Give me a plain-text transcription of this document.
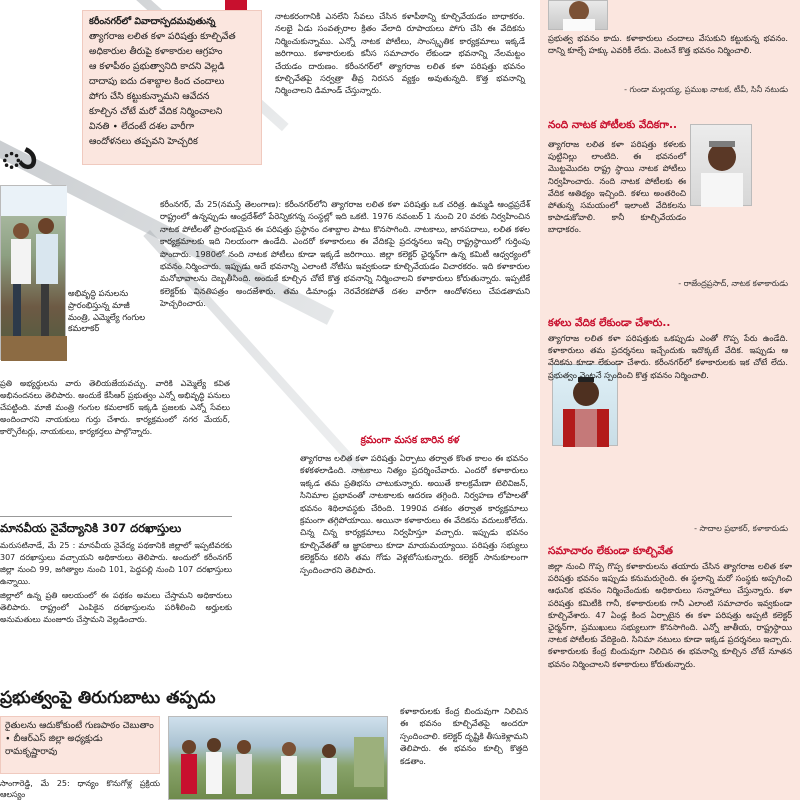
ు

అభివృద్ధి పనులను ప్రారంభిస్తున్న మాజీ మంత్రి, ఎమ్మెల్యే గంగుల కమలాకర్

ప్రతి అభ్యర్థులను వారు తెలియజేయవచ్చు. వారికి ఎమ్మెల్యే కవిత అభినందనలు తెలిపారు. అందుకే కేసీఆర్ ప్రభుత్వం ఎన్నో అభివృద్ధి పనులు చేపట్టింది. మాజీ మంత్రి గంగుల కమలాకర్ ఇక్కడి ప్రజలకు ఎన్నో సేవలు అందించారని నాయకులు గుర్తు చేశారు. కార్యక్రమంలో నగర మేయర్, కార్పొరేటర్లు, నాయకులు, కార్యకర్తలు పాల్గొన్నారు.

మానవీయ నైవేద్యానికి 307 దరఖాస్తులు

మరుసటినాడే, మే 25 : మానవీయ నైవేద్య పథకానికి జిల్లాలో ఇప్పటివరకు 307 దరఖాస్తులు వచ్చాయని అధికారులు తెలిపారు. అందులో కరీంనగర్ జిల్లా నుంచి 99, జగిత్యాల నుంచి 101, పెద్దపల్లి నుంచి 107 దరఖాస్తులు ఉన్నాయి.

జిల్లాలో ఉన్న ప్రతి ఆలయంలో ఈ పథకం అమలు చేస్తామని అధికారులు తెలిపారు. రాష్ట్రంలో ఎంపికైన దరఖాస్తులను పరిశీలించి అర్హులకు అనుమతులు మంజూరు చేస్తామని వెల్లడించారు.

ప్రభుత్వంపై తిరుగుబాటు తప్పదు

రైతులను ఆదుకోకుంటే గుణపాఠం చెబుతాం ∙ బీఆర్ఎస్ జిల్లా అధ్యక్షుడు రామకృష్ణారావు

సాంగారెడ్డి, మే 25: ధాన్యం కొనుగోళ్ల ప్రక్రియ ఆలస్యం

కరీంనగర్‌లో వివాదాస్పదమవుతున్న
త్యాగరాజ లలిత కళా పరిషత్తు కూల్చివేత
అధికారుల తీరుపై కళాకారుల ఆగ్రహం
ఆ కళాపీఠం ప్రభుత్వానిది కాదని వెల్లడి
దాదాపు ఐదు దశాబ్దాల కింద చందాలు
పోగు చేసి కట్టుకున్నామని ఆవేదన
కూల్చిన చోటే మరో వేదిక నిర్మించాలని
వినతి ∙ లేదంటే దశల వారీగా
ఆందోళనలు తప్పవని హెచ్చరిక

నాటకరంగానికి ఎనలేని సేవలు చేసిన కళాపీఠాన్ని కూల్చివేయడం బాధాకరం. నలభై ఏడు సంవత్సరాల క్రితం వేలాది రూపాయలు పోగు చేసి ఈ వేదికను నిర్మించుకున్నాము. ఎన్నో నాటక పోటీలు, సాంస్కృతిక కార్యక్రమాలు ఇక్కడే జరిగాయి. కళాకారులకు కనీస సమాచారం లేకుండా భవనాన్ని నేలమట్టం చేయడం దారుణం. కరీంనగర్‌లో త్యాగరాజ లలిత కళా పరిషత్తు భవనం కూల్చివేతపై సర్వత్రా తీవ్ర నిరసన వ్యక్తం అవుతున్నది. కొత్త భవనాన్ని నిర్మించాలని డిమాండ్ చేస్తున్నారు.

కరీంనగర్, మే 25(నమస్తే తెలంగాణ): కరీంనగర్‌లోని త్యాగరాజ లలిత కళా పరిషత్తు ఒక చరిత్ర. ఉమ్మడి ఆంధ్రప్రదేశ్ రాష్ట్రంలో ఉన్నప్పుడు ఆంధ్రదేశ్‌లో పేరెన్నికగన్న సంస్థల్లో ఇది ఒకటి. 1976 నవంబర్ 1 నుంచి 20 వరకు నిర్వహించిన నాటక పోటీలతో ప్రారంభమైన ఈ పరిషత్తు ప్రస్థానం దశాబ్దాల పాటు కొనసాగింది. నాటకాలు, జానపదాలు, లలిత కళల కార్యక్రమాలకు ఇది నిలయంగా ఉండేది. ఎందరో కళాకారులు ఈ వేదికపై ప్రదర్శనలు ఇచ్చి రాష్ట్రస్థాయిలో గుర్తింపు పొందారు. 1980లో నంది నాటక పోటీలు కూడా ఇక్కడే జరిగాయి. జిల్లా కలెక్టర్ ఛైర్మన్‌గా ఉన్న కమిటీ ఆధ్వర్యంలో భవనం నిర్మించారు. ఇప్పుడు అదే భవనాన్ని ఎలాంటి నోటీసు ఇవ్వకుండా కూల్చివేయడం విచారకరం. ఇది కళాకారుల మనోభావాలను దెబ్బతీసింది. అందుకే కూల్చిన చోటే కొత్త భవనాన్ని నిర్మించాలని కళాకారులు కోరుతున్నారు. ఇప్పటికే కలెక్టర్‌కు వినతిపత్రం అందజేశారు. తమ డిమాండ్లు నెరవేరకపోతే దశల వారీగా ఆందోళనలు చేపడతామని హెచ్చరించారు.

క్రమంగా మసక బారిన కళ

త్యాగరాజ లలిత కళా పరిషత్తు ఏర్పాటు తర్వాత కొంత కాలం ఈ భవనం కళకళలాడింది. నాటకాలు నిత్యం ప్రదర్శించేవారు. ఎందరో కళాకారులు ఇక్కడ తమ ప్రతిభను చాటుకున్నారు. అయితే కాలక్రమేణా టెలివిజన్, సినిమాల ప్రభావంతో నాటకాలకు ఆదరణ తగ్గింది. నిర్వహణ లోపాలతో భవనం శిథిలావస్థకు చేరింది. 1990వ దశకం తర్వాత కార్యక్రమాలు క్రమంగా తగ్గిపోయాయి. అయినా కళాకారులు ఈ వేదికను వదులుకోలేదు. చిన్న చిన్న కార్యక్రమాలు నిర్వహిస్తూ వచ్చారు. ఇప్పుడు భవనం కూల్చివేతతో ఆ జ్ఞాపకాలు కూడా మాయమయ్యాయి. పరిషత్తు సభ్యులు కలెక్టర్‌ను కలిసి తమ గోడు వెళ్లబోసుకున్నారు. కలెక్టర్ సానుకూలంగా స్పందించారని తెలిపారు.

కళాకారులకు కేంద్ర బిందువుగా నిలిచిన ఈ భవనం కూల్చివేతపై అందరూ స్పందించాలి. కలెక్టర్ దృష్టికి తీసుకెళ్లామని తెలిపారు. ఈ భవనం కూల్చి కొత్తది కడతాం.

ప్రభుత్వ భవనం కాదు. కళాకారులు చందాలు వేసుకుని కట్టుకున్న భవనం. దాన్ని కూల్చే హక్కు ఎవరికీ లేదు. వెంటనే కొత్త భవనం నిర్మించాలి.

- గుండా మల్లయ్య, ప్రముఖ నాటక, టీవీ, సినీ నటుడు
నంది నాటక పోటీలకు వేదికగా..

త్యాగరాజ లలిత కళా పరిషత్తు కళలకు పుట్టినిల్లు లాంటిది. ఈ భవనంలో మొట్టమొదట రాష్ట్ర స్థాయి నాటక పోటీలు నిర్వహించారు. నంది నాటక పోటీలకు ఈ వేదిక ఆతిథ్యం ఇచ్చింది. కళలు అంతరించి పోతున్న సమయంలో ఇలాంటి వేదికలను కాపాడుకోవాలి. కానీ కూల్చివేయడం బాధాకరం.

- రాజేంద్రప్రసాద్, నాటక కళాకారుడు
కళలు వేదిక లేకుండా చేశారు..

త్యాగరాజ లలిత కళా పరిషత్తుకు ఒకప్పుడు ఎంతో గొప్ప పేరు ఉండేది. కళాకారులు తమ ప్రదర్శనలు ఇచ్చేందుకు ఇదొక్కటే వేదిక. ఇప్పుడు ఆ వేదికను కూడా లేకుండా చేశారు. కరీంనగర్‌లో కళాకారులకు ఇక చోటే లేదు. ప్రభుత్వం వెంటనే స్పందించి కొత్త భవనం నిర్మించాలి.

- సాదాల ప్రభాకర్, కళాకారుడు
సమాచారం లేకుండా కూల్చివేత

జిల్లా నుంచి గొప్ప గొప్ప కళాకారులను తయారు చేసిన త్యాగరాజ లలిత కళా పరిషత్తు భవనం ఇప్పుడు కనుమరుగైంది. ఈ స్థలాన్ని మరో సంస్థకు అప్పగించి ఆధునిక భవనం నిర్మించేందుకు అధికారులు సన్నాహాలు చేస్తున్నారు. కళా పరిషత్తు కమిటీకి గానీ, కళాకారులకు గానీ ఎలాంటి సమాచారం ఇవ్వకుండా కూల్చివేశారు. 47 ఏండ్ల కింద ఏర్పాటైన ఈ కళా పరిషత్తు అప్పటి కలెక్టర్ ఛైర్మన్‌గా, ప్రముఖులు సభ్యులుగా కొనసాగింది. ఎన్నో జాతీయ, రాష్ట్రస్థాయి నాటక పోటీలకు వేదికైంది. సినిమా నటులు కూడా ఇక్కడ ప్రదర్శనలు ఇచ్చారు. కళాకారులకు కేంద్ర బిందువుగా నిలిచిన ఈ భవనాన్ని కూల్చిన చోటే నూతన భవనం నిర్మించాలని కళాకారులు కోరుతున్నారు.
